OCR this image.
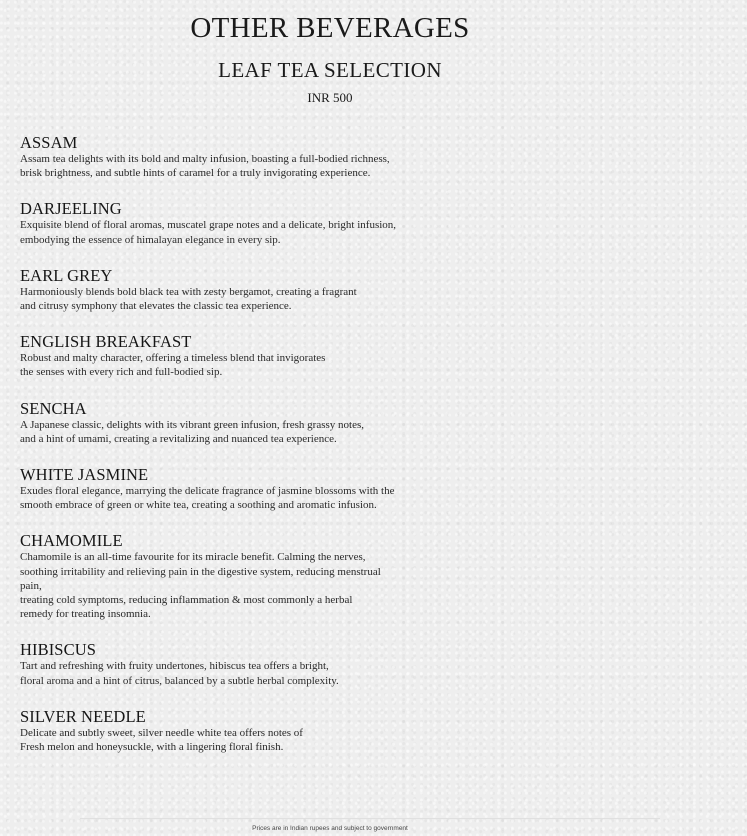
OTHER BEVERAGES
LEAF TEA SELECTION
INR 500
ASSAM
Assam tea delights with its bold and malty infusion, boasting a full-bodied richness,
brisk brightness, and subtle hints of caramel for a truly invigorating experience.
DARJEELING
Exquisite blend of floral aromas, muscatel grape notes and a delicate, bright infusion,
embodying the essence of himalayan elegance in every sip.
EARL GREY
Harmoniously blends bold black tea with zesty bergamot, creating a fragrant
and citrusy symphony that elevates the classic tea experience.
ENGLISH BREAKFAST
Robust and malty character, offering a timeless blend that invigorates
the senses with every rich and full-bodied sip.
SENCHA
A Japanese classic, delights with its vibrant green infusion, fresh grassy notes,
and a hint of umami, creating a revitalizing and nuanced tea experience.
WHITE JASMINE
Exudes floral elegance, marrying the delicate fragrance of jasmine blossoms with the
smooth embrace of green or white tea, creating a soothing and aromatic infusion.
CHAMOMILE
Chamomile is an all-time favourite for its miracle benefit. Calming the nerves,
soothing irritability and relieving pain in the digestive system, reducing menstrual
pain,
treating cold symptoms, reducing inflammation & most commonly a herbal
remedy for treating insomnia.
HIBISCUS
Tart and refreshing with fruity undertones, hibiscus tea offers a bright,
floral aroma and a hint of citrus, balanced by a subtle herbal complexity.
SILVER NEEDLE
Delicate and subtly sweet, silver needle white tea offers notes of
Fresh melon and honeysuckle, with a lingering floral finish.
Prices are in Indian rupees and subject to government
